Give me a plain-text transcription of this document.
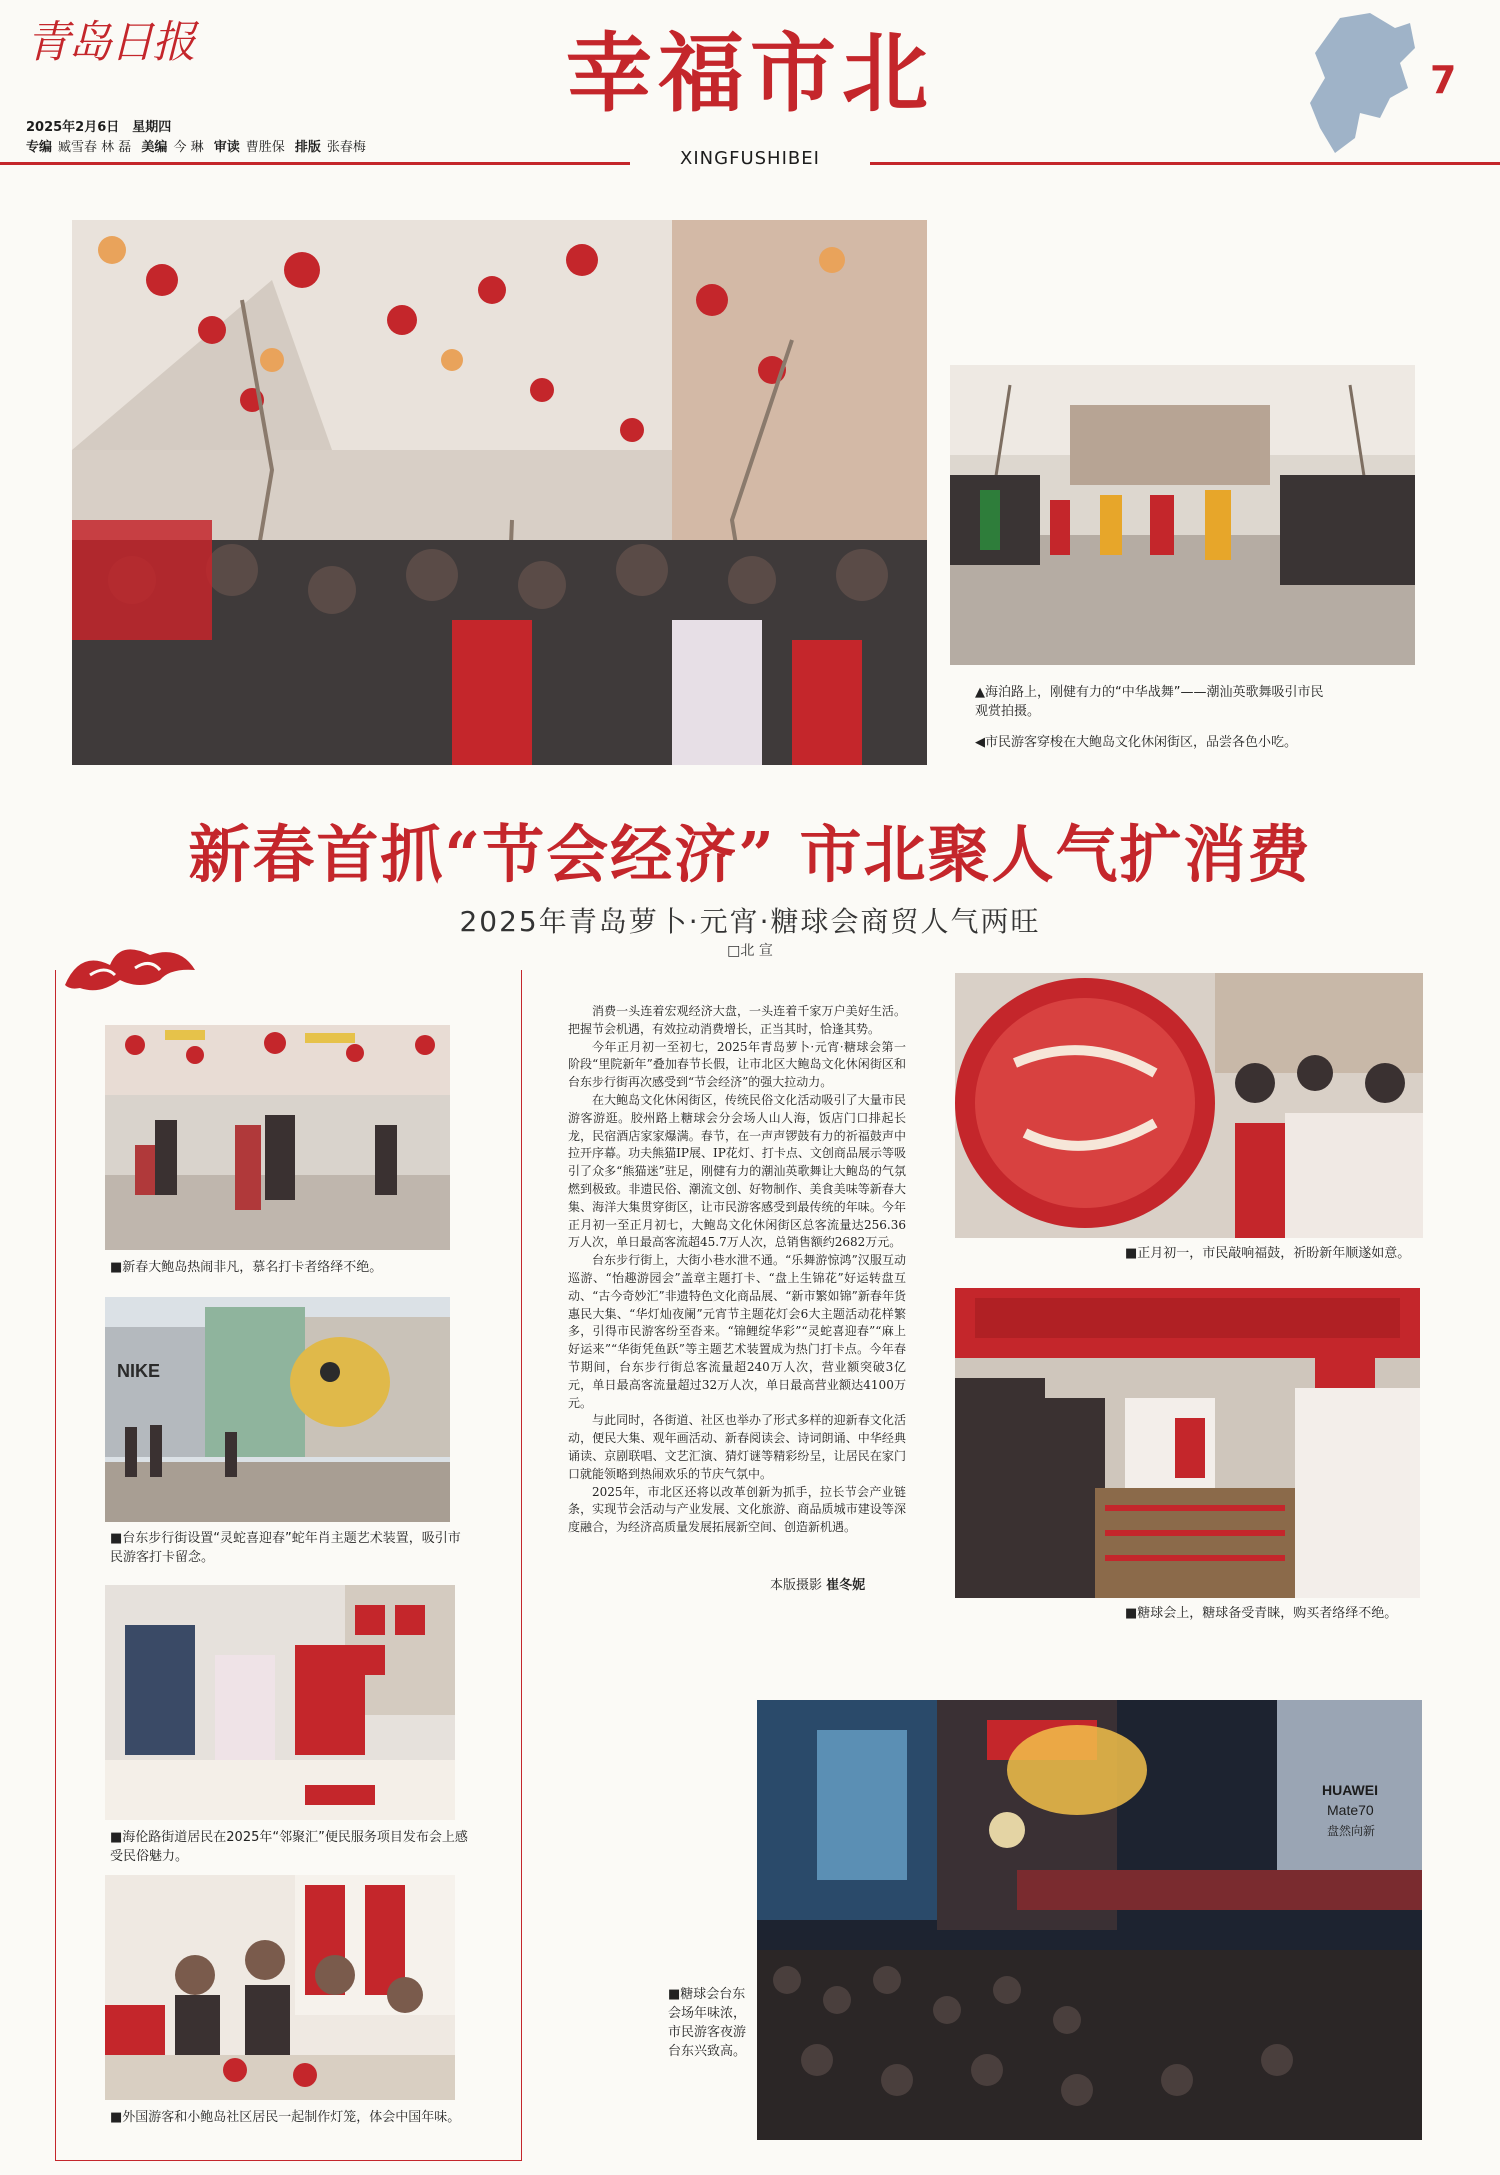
青岛日报
2025年2月6日　星期四
专编 臧雪春 林 磊 美编 今 琳 审读 曹胜保 排版 张春梅
幸福市北
XINGFUSHIBEI
7
▲海泊路上，刚健有力的“中华战舞”——潮汕英歌舞吸引市民观赏拍摄。
◀市民游客穿梭在大鲍岛文化休闲街区，品尝各色小吃。
新春首抓“节会经济” 市北聚人气扩消费
2025年青岛萝卜·元宵·糖球会商贸人气两旺
□北 宣
■新春大鲍岛热闹非凡，慕名打卡者络绎不绝。
NIKE
■台东步行街设置“灵蛇喜迎春”蛇年肖主题艺术装置，吸引市民游客打卡留念。
■海伦路街道居民在2025年“邻聚汇”便民服务项目发布会上感受民俗魅力。
■外国游客和小鲍岛社区居民一起制作灯笼，体会中国年味。

消费一头连着宏观经济大盘，一头连着千家万户美好生活。把握节会机遇，有效拉动消费增长，正当其时，恰逢其势。

今年正月初一至初七，2025年青岛萝卜·元宵·糖球会第一阶段“里院新年”叠加春节长假，让市北区大鲍岛文化休闲街区和台东步行街再次感受到“节会经济”的强大拉动力。

在大鲍岛文化休闲街区，传统民俗文化活动吸引了大量市民游客游逛。胶州路上糖球会分会场人山人海，饭店门口排起长龙，民宿酒店家家爆满。春节，在一声声锣鼓有力的祈福鼓声中拉开序幕。功夫熊猫IP展、IP花灯、打卡点、文创商品展示等吸引了众多“熊猫迷”驻足，刚健有力的潮汕英歌舞让大鲍岛的气氛燃到极致。非遗民俗、潮流文创、好物制作、美食美味等新春大集、海洋大集贯穿街区，让市民游客感受到最传统的年味。今年正月初一至正月初七，大鲍岛文化休闲街区总客流量达256.36万人次，单日最高客流超45.7万人次，总销售额约2682万元。

台东步行街上，大街小巷水泄不通。“乐舞游惊鸿”汉服互动巡游、“怡趣游园会”盖章主题打卡、“盘上生锦花”好运转盘互动、“古今奇妙汇”非遗特色文化商品展、“新市繁如锦”新春年货惠民大集、“华灯灿夜阑”元宵节主题花灯会6大主题活动花样繁多，引得市民游客纷至沓来。“锦鲤绽华彩”“灵蛇喜迎春”“麻上好运来”“华街凭鱼跃”等主题艺术装置成为热门打卡点。今年春节期间，台东步行街总客流量超240万人次，营业额突破3亿元，单日最高客流量超过32万人次，单日最高营业额达4100万元。

与此同时，各街道、社区也举办了形式多样的迎新春文化活动，便民大集、观年画活动、新春阅读会、诗词朗诵、中华经典诵读、京剧联唱、文艺汇演、猜灯谜等精彩纷呈，让居民在家门口就能领略到热闹欢乐的节庆气氛中。

2025年，市北区还将以改革创新为抓手，拉长节会产业链条，实现节会活动与产业发展、文化旅游、商品质城市建设等深度融合，为经济高质量发展拓展新空间、创造新机遇。

本版摄影 崔冬妮
■正月初一，市民敲响福鼓，祈盼新年顺遂如意。
■糖球会上，糖球备受青睐，购买者络绎不绝。
HUAWEI
Mate70
盘然向新
■糖球会台东会场年味浓，市民游客夜游台东兴致高。
